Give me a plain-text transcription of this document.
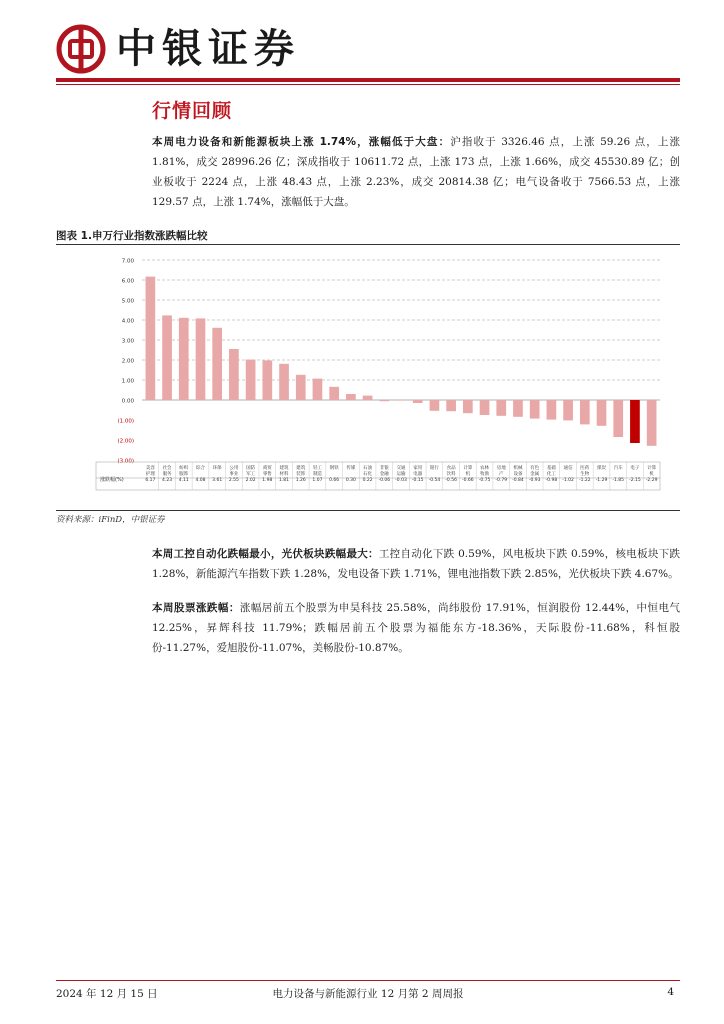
中银证券
行情回顾
本周电力设备和新能源板块上涨 1.74%，涨幅低于大盘：沪指收于 3326.46 点，上涨 59.26 点，上涨 1.81%，成交 28996.26 亿；深成指收于 10611.72 点，上涨 173 点，上涨 1.66%，成交 45530.89 亿；创业板收于 2224 点，上涨 48.43 点，上涨 2.23%，成交 20814.38 亿；电气设备收于 7566.53 点，上涨 129.57 点，上涨 1.74%，涨幅低于大盘。
图表 1.申万行业指数涨跌幅比较
7.00
6.00
5.00
4.00
3.00
2.00
1.00
0.00
(1.00)
(2.00)
(3.00)
涨跌幅(%)
美容
护理
6.17
社会
服务
4.23
纺织
服饰
4.11
综合
4.08
环保
3.61
公用
事业
2.55
国防
军工
2.02
商贸
零售
1.98
建筑
材料
1.81
建筑
装饰
1.26
轻工
制造
1.07
钢铁
0.66
传媒
0.30
石油
石化
0.22
非银
金融
-0.06
交通
运输
-0.03
家用
电器
-0.15
银行
-0.54
食品
饮料
-0.56
计算
机
-0.66
农林
牧渔
-0.75
房地
产
-0.79
机械
设备
-0.84
有色
金属
-0.93
基础
化工
-0.98
通信
-1.02
医药
生物
-1.22
煤炭
-1.29
汽车
-1.85
电子
-2.15
计算
机
-2.29
资料来源：iFinD，中银证券
本周工控自动化跌幅最小，光伏板块跌幅最大：工控自动化下跌 0.59%，风电板块下跌 0.59%，核电板块下跌 1.28%，新能源汽车指数下跌 1.28%，发电设备下跌 1.71%，锂电池指数下跌 2.85%，光伏板块下跌 4.67%。
本周股票涨跌幅：涨幅居前五个股票为申昊科技 25.58%，尚纬股份 17.91%，恒润股份 12.44%，中恒电气 12.25%，昇辉科技 11.79%；跌幅居前五个股票为福能东方-18.36%，天际股份-11.68%，科恒股份-11.27%，爱旭股份-11.07%，美畅股份-10.87%。
2024 年 12 月 15 日	电力设备与新能源行业 12 月第 2 周周报	4
